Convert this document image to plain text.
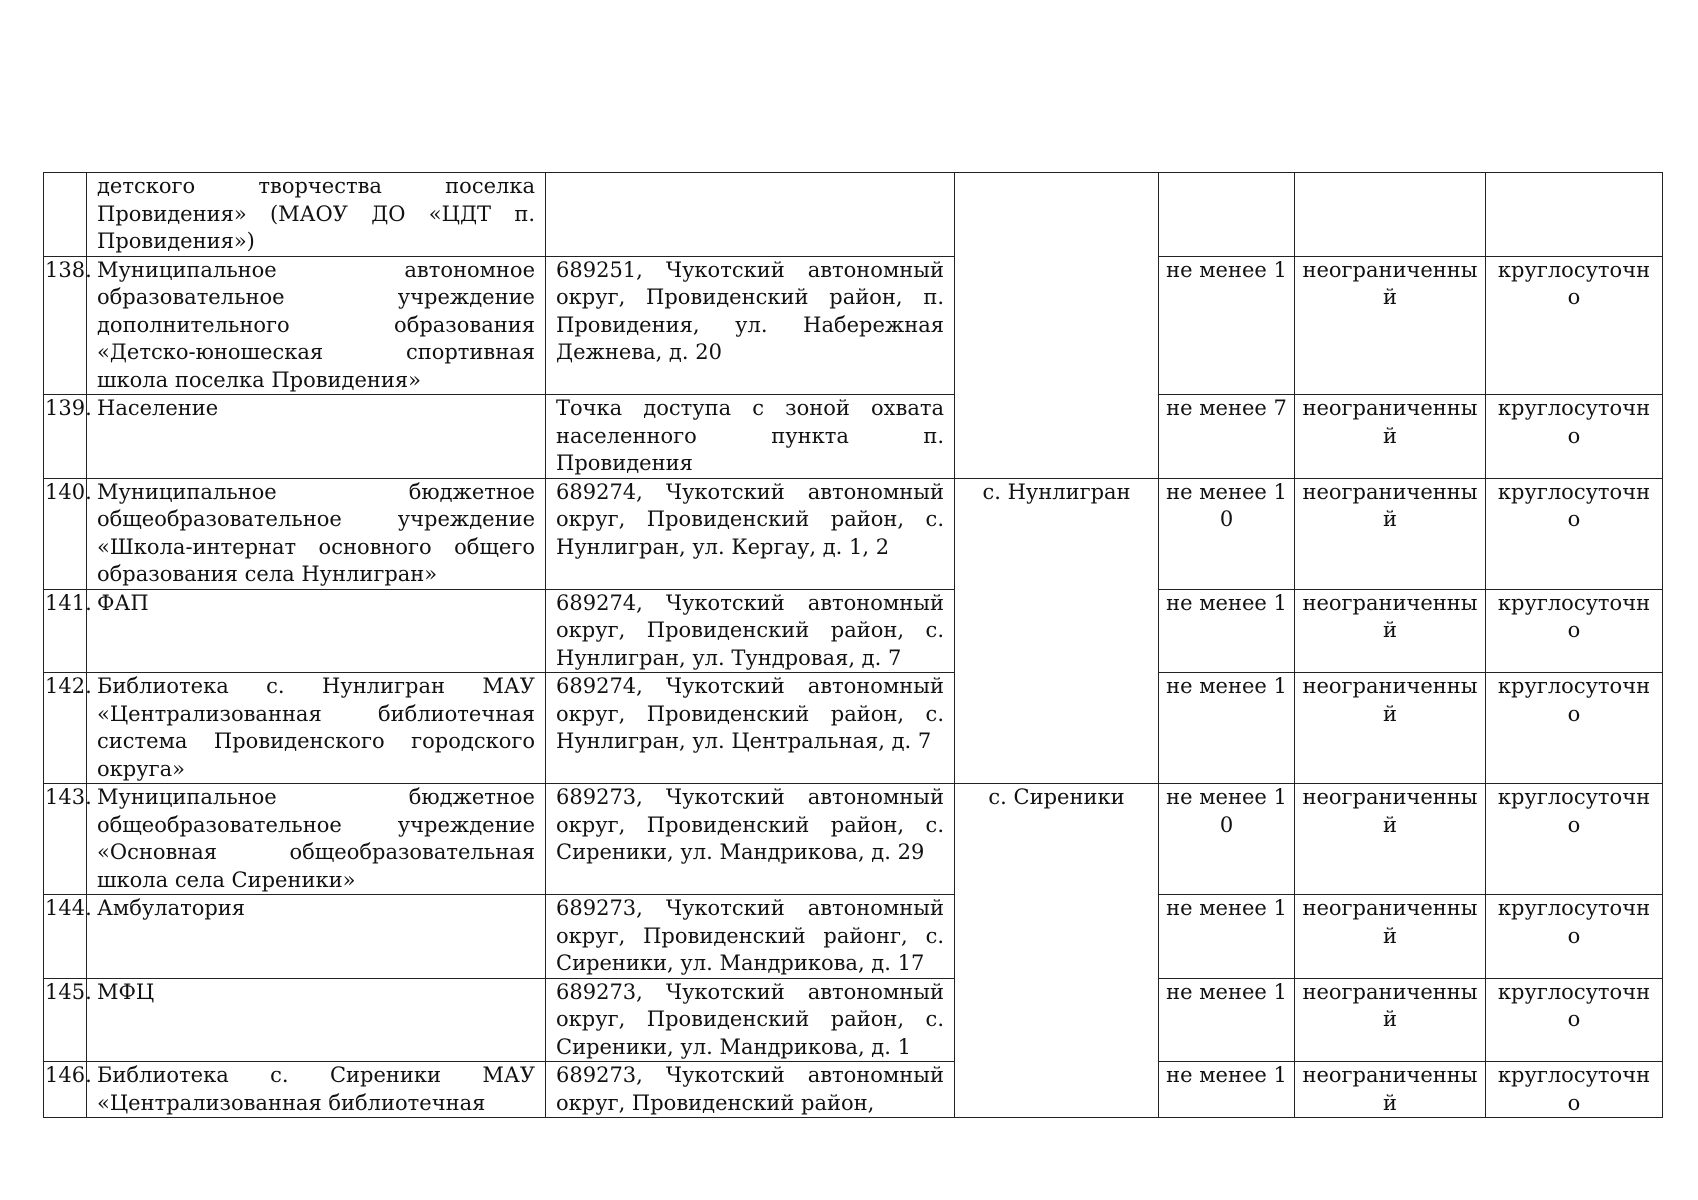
	детского творчества поселка Провидения» (МАОУ ДО «ЦДТ п. Провидения»)					
138.	Муниципальное автономное образовательное учреждение дополнительного образования «Детско-юношеская спортивная школа поселка Провидения»	689251, Чукотский автономный округ, Провиденский район, п. Провидения, ул. Набережная Дежнева, д. 20		не менее 1	неограниченный	круглосуточно
139.	Население	Точка доступа с зоной охвата населенного пункта п. Провидения		не менее 7	неограниченный	круглосуточно
140.	Муниципальное бюджетное общеобразовательное учреждение «Школа-интернат основного общего образования села Нунлигран»	689274, Чукотский автономный округ, Провиденский район, с. Нунлигран, ул. Кергау, д. 1, 2	с. Нунлигран	не менее 10	неограниченный	круглосуточно
141.	ФАП	689274, Чукотский автономный округ, Провиденский район, с. Нунлигран, ул. Тундровая, д. 7		не менее 1	неограниченный	круглосуточно
142.	Библиотека с. Нунлигран МАУ «Централизованная библиотечная система Провиденского городского округа»	689274, Чукотский автономный округ, Провиденский район, с. Нунлигран, ул. Центральная, д. 7		не менее 1	неограниченный	круглосуточно
143.	Муниципальное бюджетное общеобразовательное учреждение «Основная общеобразовательная школа села Сиреники»	689273, Чукотский автономный округ, Провиденский район, с. Сиреники, ул. Мандрикова, д. 29	с. Сиреники	не менее 10	неограниченный	круглосуточно
144.	Амбулатория	689273, Чукотский автономный округ, Провиденский районг, с. Сиреники, ул. Мандрикова, д. 17		не менее 1	неограниченный	круглосуточно
145.	МФЦ	689273, Чукотский автономный округ, Провиденский район, с. Сиреники, ул. Мандрикова, д. 1		не менее 1	неограниченный	круглосуточно
146.	Библиотека с. Сиреники МАУ «Централизованная библиотечная	689273, Чукотский автономный округ, Провиденский район,		не менее 1	неограниченный	круглосуточно
